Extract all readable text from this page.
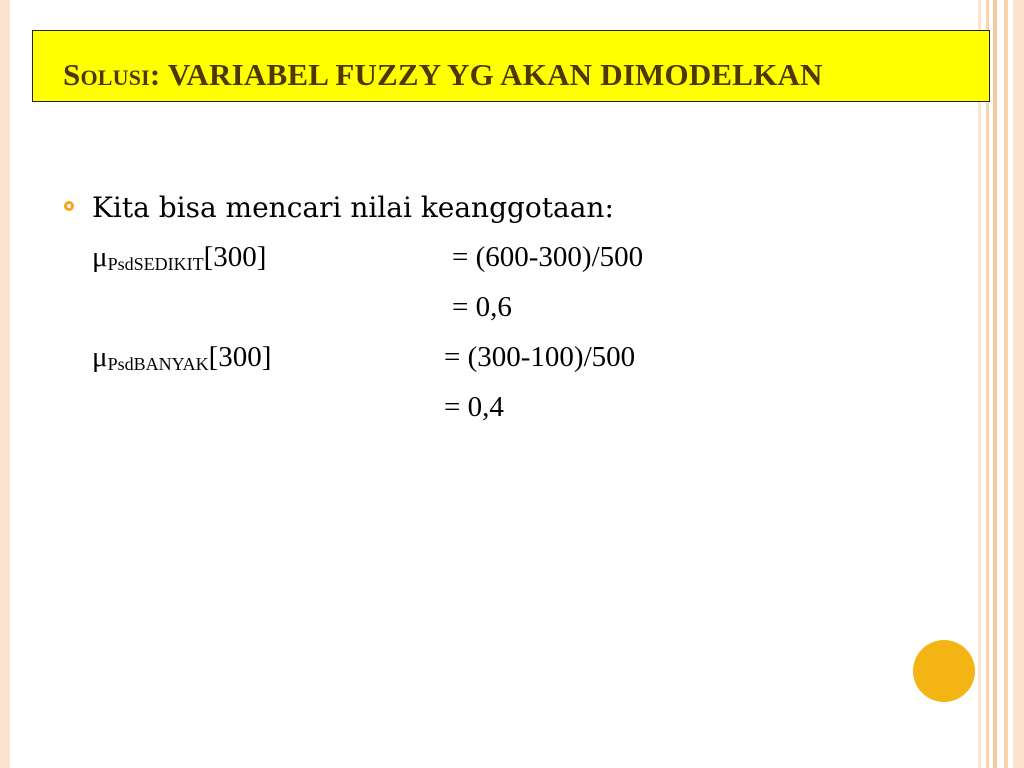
Solusi: VARIABEL FUZZY YG AKAN DIMODELKAN
Kita bisa mencari nilai keanggotaan:
$\mu_{PsdSEDIKIT}[300]$	= (600-300)/500
= 0,6
$\mu_{PsdBANYAK}[300]$	= (300-100)/500
= 0,4
